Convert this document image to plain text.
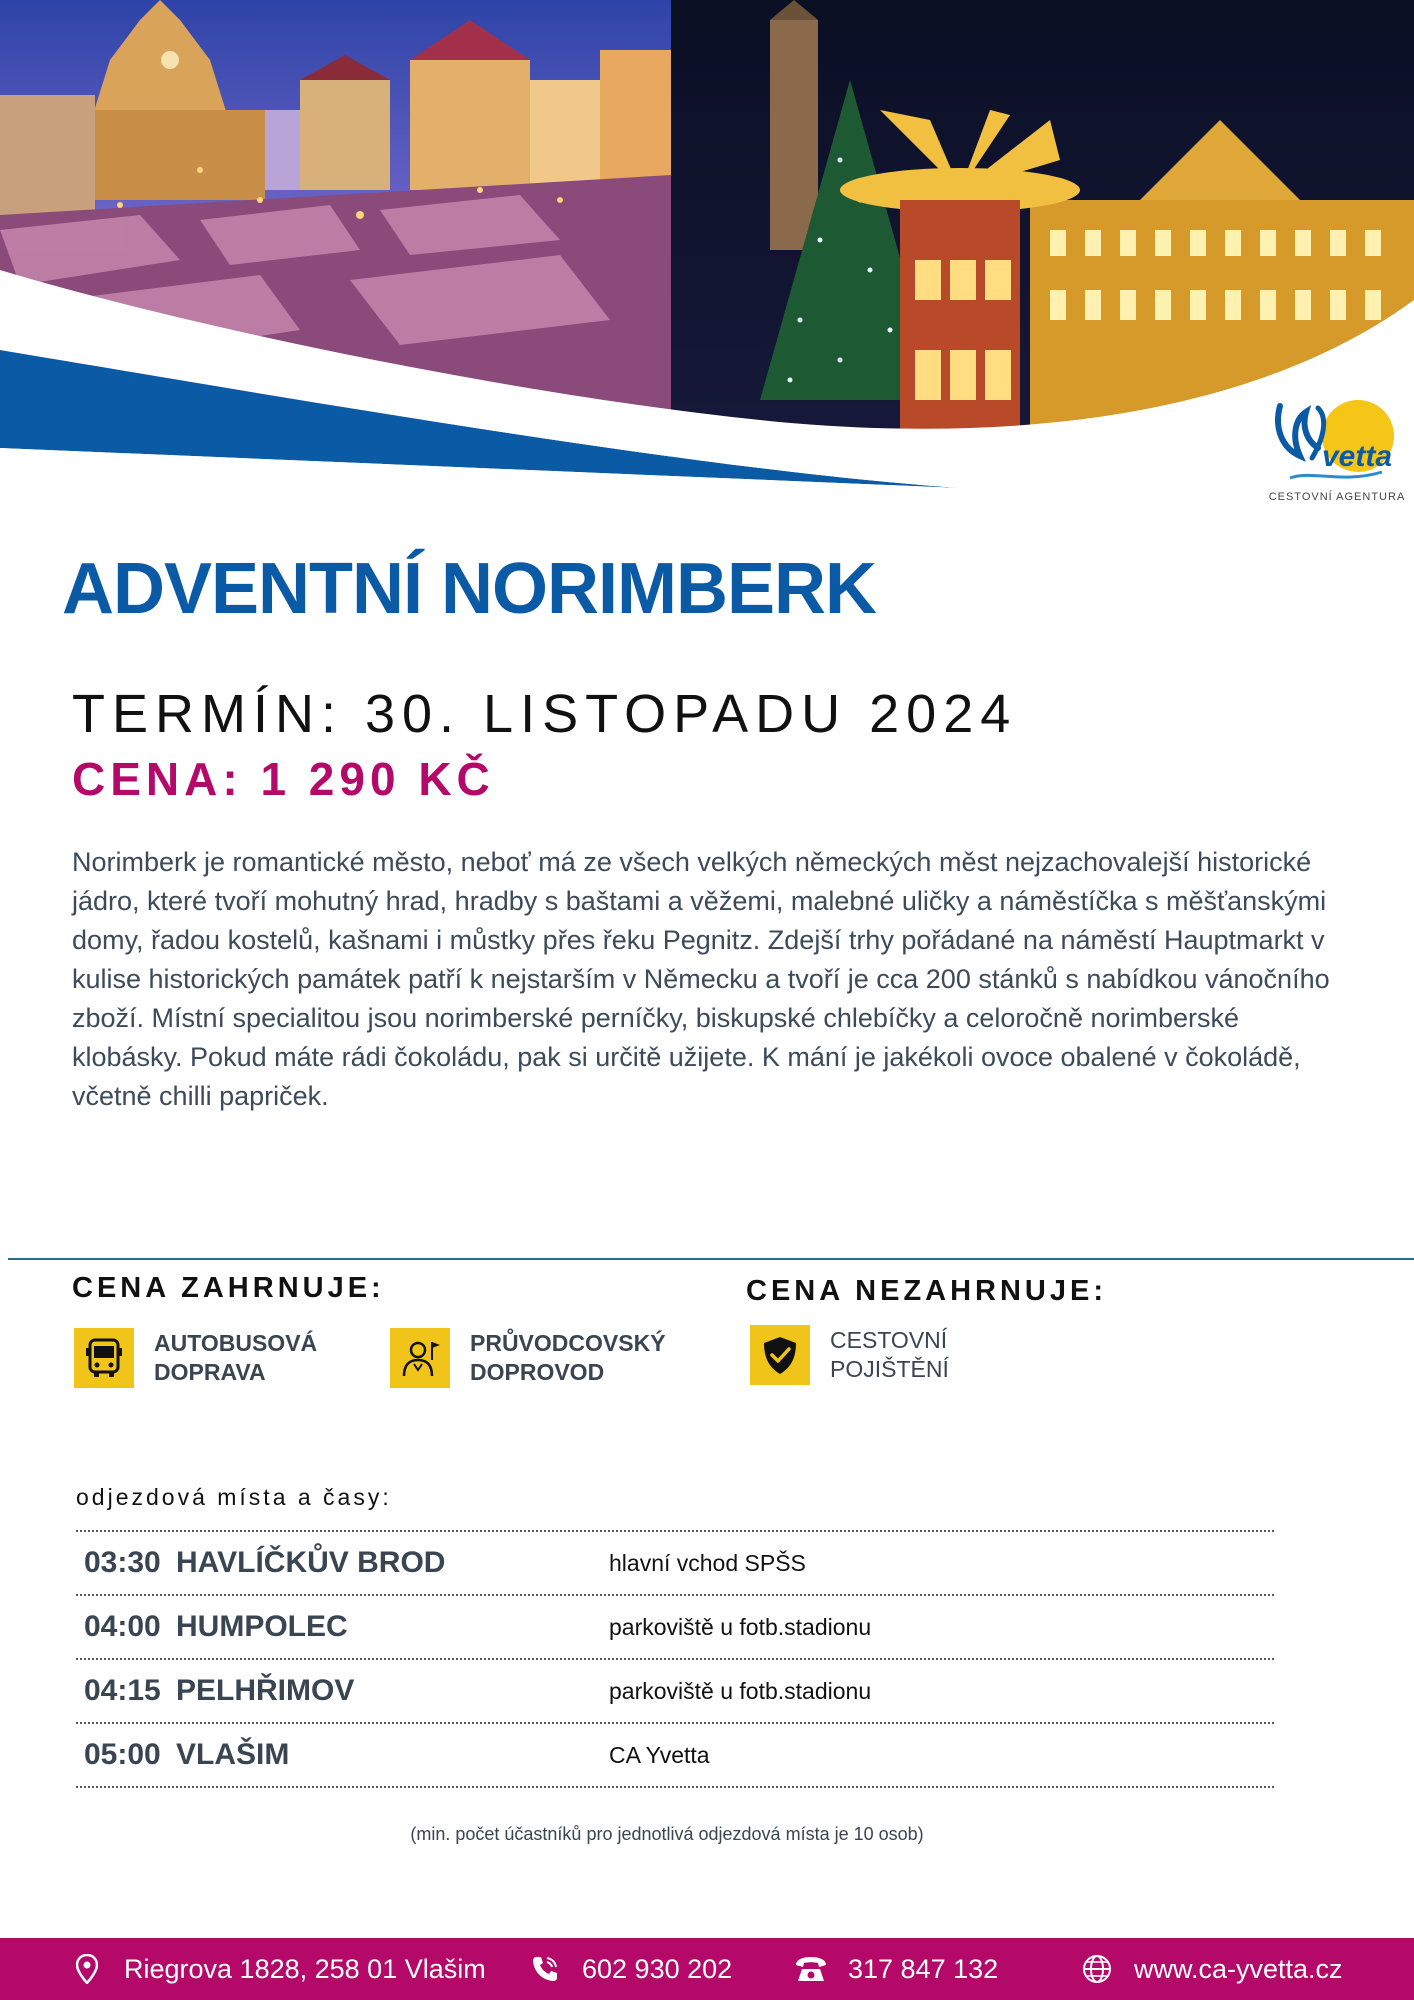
vetta
CESTOVNÍ AGENTURA
ADVENTNÍ NORIMBERK
TERMÍN: 30. LISTOPADU 2024
CENA: 1 290 KČ

Norimberk je romantické město, neboť má ze všech velkých německých měst nejzachovalejší historické jádro, které tvoří mohutný hrad, hradby s baštami a věžemi, malebné uličky a náměstíčka s měšťanskými domy, řadou kostelů, kašnami i můstky přes řeku Pegnitz. Zdejší trhy pořádané na náměstí Hauptmarkt v kulise historických památek patří k nejstarším v Německu a tvoří je cca 200 stánků s nabídkou vánočního zboží. Místní specialitou jsou norimberské perníčky, biskupské chlebíčky a celoročně norimberské klobásky. Pokud máte rádi čokoládu, pak si určitě užijete. K mání je jakékoli ovoce obalené v čokoládě, včetně chilli papriček.

CENA ZAHRNUJE:	CENA NEZAHRNUJE:
AUTOBUSOVÁ
DOPRAVA
PRŮVODCOVSKÝ
DOPROVOD
CESTOVNÍ
POJIŠTĚNÍ

odjezdová místa a časy:

03:30 HAVLÍČKŮV BROD	hlavní vchod SPŠS
04:00 HUMPOLEC	parkoviště u fotb.stadionu
04:15 PELHŘIMOV	parkoviště u fotb.stadionu
05:00 VLAŠIM	CA Yvetta
(min. počet účastníků pro jednotlivá odjezdová místa je 10 osob)
Riegrova 1828, 258 01 Vlašim	602 930 202	317 847 132	www.ca-yvetta.cz
